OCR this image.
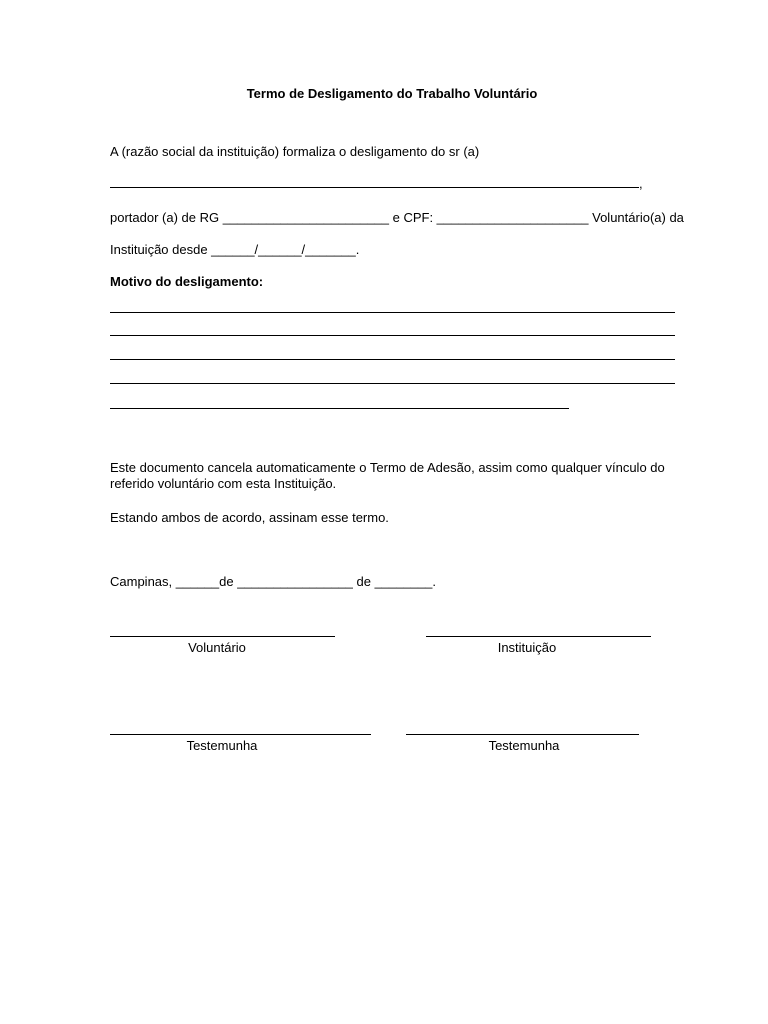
Termo de Desligamento do Trabalho Voluntário
A (razão social da instituição) formaliza o desligamento do sr (a)
,
portador (a) de RG _______________________ e CPF: _____________________ Voluntário(a) da
Instituição desde ______/______/_______.
Motivo do desligamento:
Este documento cancela automaticamente o Termo de Adesão, assim como qualquer vínculo do
referido voluntário com esta Instituição.
Estando ambos de acordo, assinam esse termo.
Campinas, ______de ________________ de ________.
Voluntário	Instituição
Testemunha	Testemunha
